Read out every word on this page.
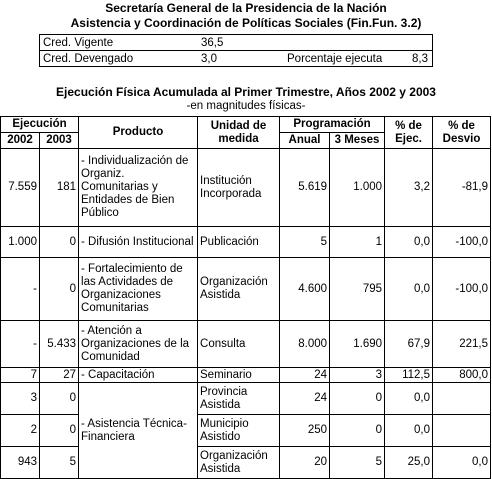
Secretaría General de la Presidencia de la Nación
Asistencia y Coordinación de Políticas Sociales (Fin.Fun. 3.2)
Cred. Vigente	36,5
Cred. Devengado	3,0	Porcentaje ejecuta	8,3
Ejecución Física Acumulada al Primer Trimestre, Años 2002 y 2003
-en magnitudes físicas-
Ejecución		Producto	Unidad de medida	Programación		% de Ejec.	% de Desvio
2002	2003			Anual	3 Meses		
7.559	181	- Individualización de Organiz. Comunitarias y Entidades de Bien Público	Institución Incorporada	5.619	1.000	3,2	-81,9
1.000	0	- Difusión Institucional	Publicación	5	1	0,0	-100,0
-	0	- Fortalecimiento de las Actividades de Organizaciones Comunitarias	Organización Asistida	4.600	795	0,0	-100,0
-	5.433	- Atención a Organizaciones de la Comunidad	Consulta	8.000	1.690	67,9	221,5
7	27	- Capacitación	Seminario	24	3	112,5	800,0
3	0	- Asistencia Técnica-Financiera	Provincia Asistida	24	0	0,0	
2	0		Municipio Asistido	250	0	0,0	
943	5		Organización Asistida	20	5	25,0	0,0
